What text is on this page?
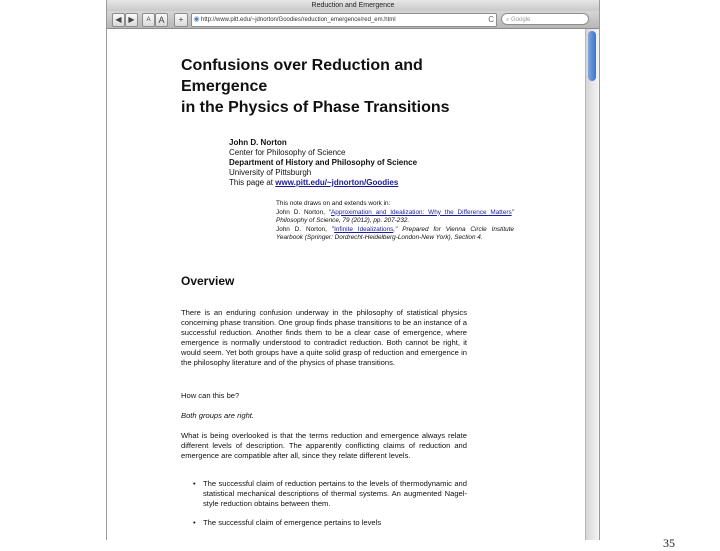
Reduction and Emergence
◀ ▶	A A	+	◉http://www.pitt.edu/~jdnorton/Goodies/reduction_emergence/red_em.html	C	⌕ Google
Confusions over Reduction and
Emergence
in the Physics of Phase Transitions
John D. Norton
Center for Philosophy of Science
Department of History and Philosophy of Science
University of Pittsburgh
This page at www.pitt.edu/~jdnorton/Goodies
This note draws on and extends work in:
John D. Norton, "Approximation and Idealization: Why the Difference Matters" Philosophy of Science, 79 (2012), pp. 207-232.
John D. Norton, "Infinite Idealizations," Prepared for Vienna Circle Institute Yearbook (Springer: Dordrecht-Heidelberg-London-New York), Section 4.
Overview

There is an enduring confusion underway in the philosophy of statistical physics concerning phase transition. One group finds phase transitions to be an instance of a successful reduction. Another finds them to be a clear case of emergence, where emergence is normally understood to contradict reduction. Both cannot be right, it would seem. Yet both groups have a quite solid grasp of reduction and emergence in the philosophy literature and of the physics of phase transitions.

How can this be?

Both groups are right.

What is being overlooked is that the terms reduction and emergence always relate different levels of description. The apparently conflicting claims of reduction and emergence are compatible after all, since they relate different levels.

• The successful claim of reduction pertains to the levels of thermodynamic and statistical mechanical descriptions of thermal systems. An augmented Nagel-style reduction obtains between them.
• The successful claim of emergence pertains to levels
35
